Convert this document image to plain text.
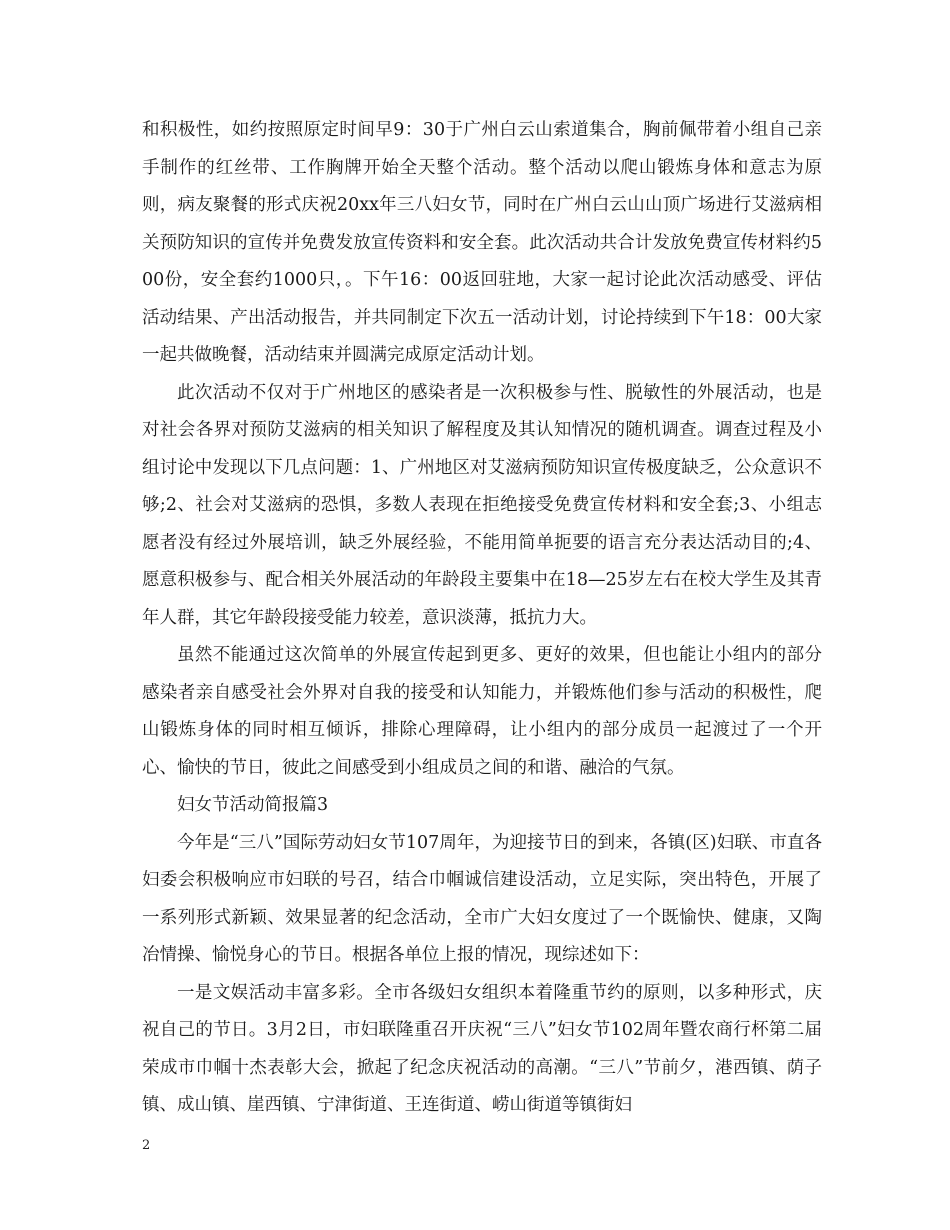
和积极性，如约按照原定时间早9：30于广州白云山索道集合，胸前佩带着小组自己亲手制作的红丝带、工作胸牌开始全天整个活动。整个活动以爬山锻炼身体和意志为原则，病友聚餐的形式庆祝20xx年三八妇女节，同时在广州白云山山顶广场进行艾滋病相关预防知识的宣传并免费发放宣传资料和安全套。此次活动共合计发放免费宣传材料约500份，安全套约1000只，。下午16：00返回驻地，大家一起讨论此次活动感受、评估活动结果、产出活动报告，并共同制定下次五一活动计划，讨论持续到下午18：00大家一起共做晚餐，活动结束并圆满完成原定活动计划。

此次活动不仅对于广州地区的感染者是一次积极参与性、脱敏性的外展活动，也是对社会各界对预防艾滋病的相关知识了解程度及其认知情况的随机调查。调查过程及小组讨论中发现以下几点问题：1、广州地区对艾滋病预防知识宣传极度缺乏，公众意识不够;2、社会对艾滋病的恐惧，多数人表现在拒绝接受免费宣传材料和安全套;3、小组志愿者没有经过外展培训，缺乏外展经验，不能用简单扼要的语言充分表达活动目的;4、愿意积极参与、配合相关外展活动的年龄段主要集中在18—25岁左右在校大学生及其青年人群，其它年龄段接受能力较差，意识淡薄，抵抗力大。

虽然不能通过这次简单的外展宣传起到更多、更好的效果，但也能让小组内的部分感染者亲自感受社会外界对自我的接受和认知能力，并锻炼他们参与活动的积极性，爬山锻炼身体的同时相互倾诉，排除心理障碍，让小组内的部分成员一起渡过了一个开心、愉快的节日，彼此之间感受到小组成员之间的和谐、融洽的气氛。

妇女节活动简报篇3

今年是“三八”国际劳动妇女节107周年，为迎接节日的到来，各镇(区)妇联、市直各妇委会积极响应市妇联的号召，结合巾帼诚信建设活动，立足实际，突出特色，开展了一系列形式新颖、效果显著的纪念活动，全市广大妇女度过了一个既愉快、健康，又陶冶情操、愉悦身心的节日。根据各单位上报的情况，现综述如下：

一是文娱活动丰富多彩。全市各级妇女组织本着隆重节约的原则，以多种形式，庆祝自己的节日。3月2日，市妇联隆重召开庆祝“三八”妇女节102周年暨农商行杯第二届荣成市巾帼十杰表彰大会，掀起了纪念庆祝活动的高潮。“三八”节前夕，港西镇、荫子镇、成山镇、崖西镇、宁津街道、王连街道、崂山街道等镇街妇

2
